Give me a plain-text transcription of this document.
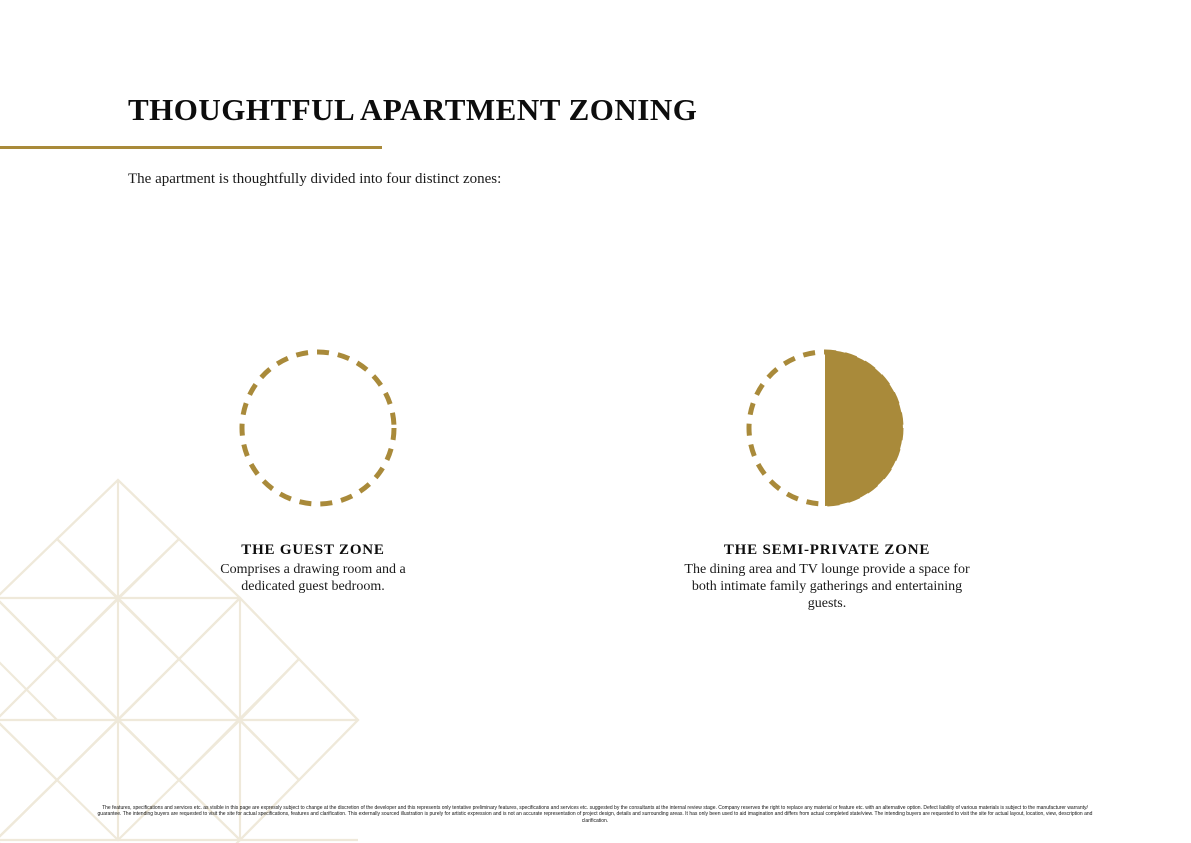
THOUGHTFUL APARTMENT ZONING
The apartment is thoughtfully divided into four distinct zones:
THE GUEST ZONE
Comprises a drawing room and a dedicated guest bedroom.
THE SEMI-PRIVATE ZONE
The dining area and TV lounge provide a space for both intimate family gatherings and entertaining guests.
The features, specifications and services etc. as visible in this page are expressly subject to change at the discretion of the developer and this represents only tentative preliminary features, specifications and services etc. suggested by the consultants at the internal review stage. Company reserves the right to replace any material or feature etc. with an alternative option. Defect liability of various materials is subject to the manufacturer warranty/ guarantee. The intending buyers are requested to visit the site for actual specifications, features and clarification. This externally sourced illustration is purely for artistic expression and is not an accurate representation of project design, details and surrounding areas. It has only been used to aid imagination and differs from actual completed state/view. The intending buyers are requested to visit the site for actual layout, location, view, description and clarification.
